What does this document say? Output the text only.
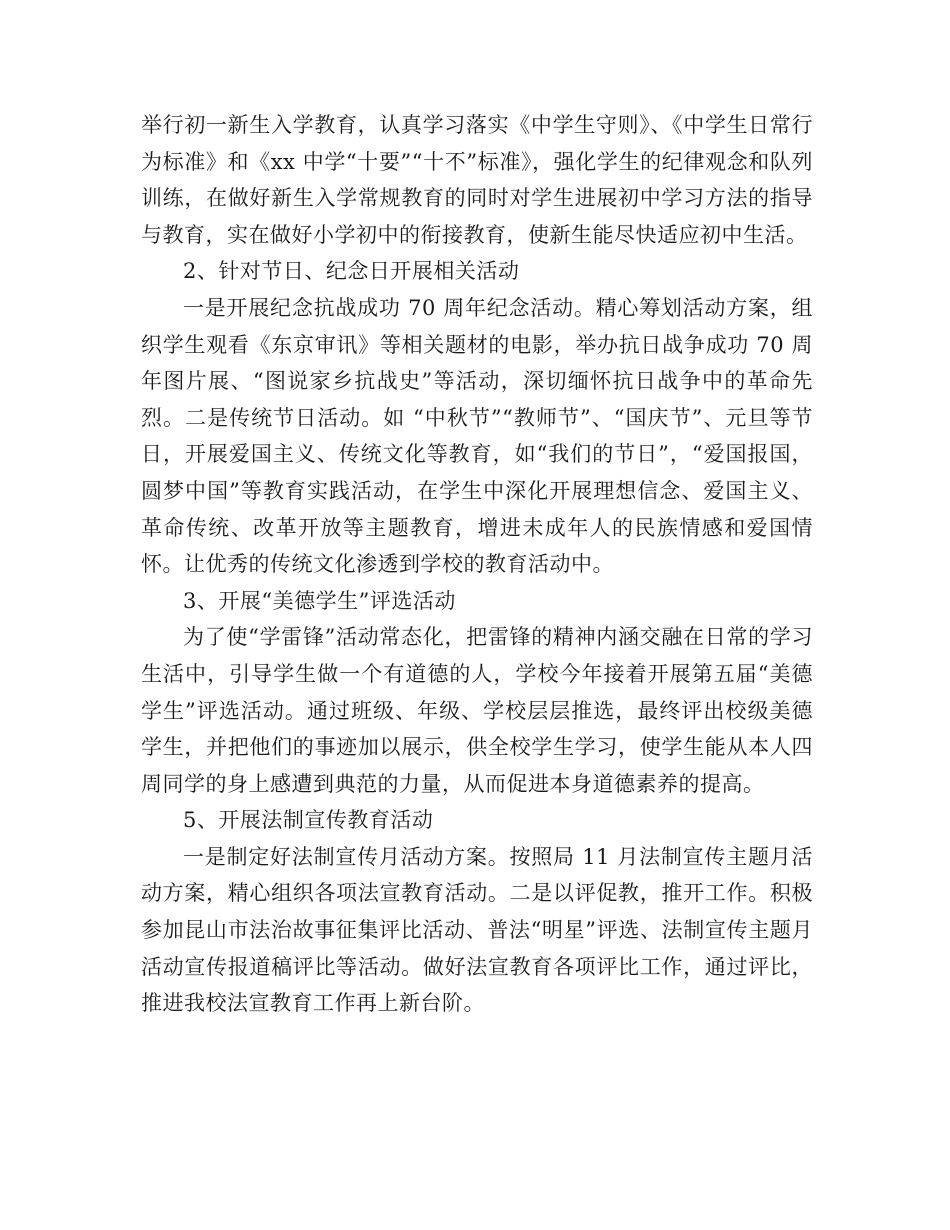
举行初一新生入学教育，认真学习落实《中学生守则》、《中学生日常行为标准》和《xx 中学“十要”“十不”标准》，强化学生的纪律观念和队列训练，在做好新生入学常规教育的同时对学生进展初中学习方法的指导与教育，实在做好小学初中的衔接教育，使新生能尽快适应初中生活。

2、针对节日、纪念日开展相关活动

一是开展纪念抗战成功 70 周年纪念活动。精心筹划活动方案，组织学生观看《东京审讯》等相关题材的电影，举办抗日战争成功 70 周年图片展、“图说家乡抗战史”等活动，深切缅怀抗日战争中的革命先烈。二是传统节日活动。如 “中秋节”“教师节”、“国庆节”、元旦等节日，开展爱国主义、传统文化等教育，如“我们的节日”，“爱国报国，圆梦中国”等教育实践活动，在学生中深化开展理想信念、爱国主义、革命传统、改革开放等主题教育，增进未成年人的民族情感和爱国情怀。让优秀的传统文化渗透到学校的教育活动中。

3、开展“美德学生”评选活动

为了使“学雷锋”活动常态化，把雷锋的精神内涵交融在日常的学习生活中，引导学生做一个有道德的人，学校今年接着开展第五届“美德学生”评选活动。通过班级、年级、学校层层推选，最终评出校级美德学生，并把他们的事迹加以展示，供全校学生学习，使学生能从本人四周同学的身上感遭到典范的力量，从而促进本身道德素养的提高。

5、开展法制宣传教育活动

一是制定好法制宣传月活动方案。按照局 11 月法制宣传主题月活动方案，精心组织各项法宣教育活动。二是以评促教，推开工作。积极参加昆山市法治故事征集评比活动、普法“明星”评选、法制宣传主题月活动宣传报道稿评比等活动。做好法宣教育各项评比工作，通过评比，推进我校法宣教育工作再上新台阶。
